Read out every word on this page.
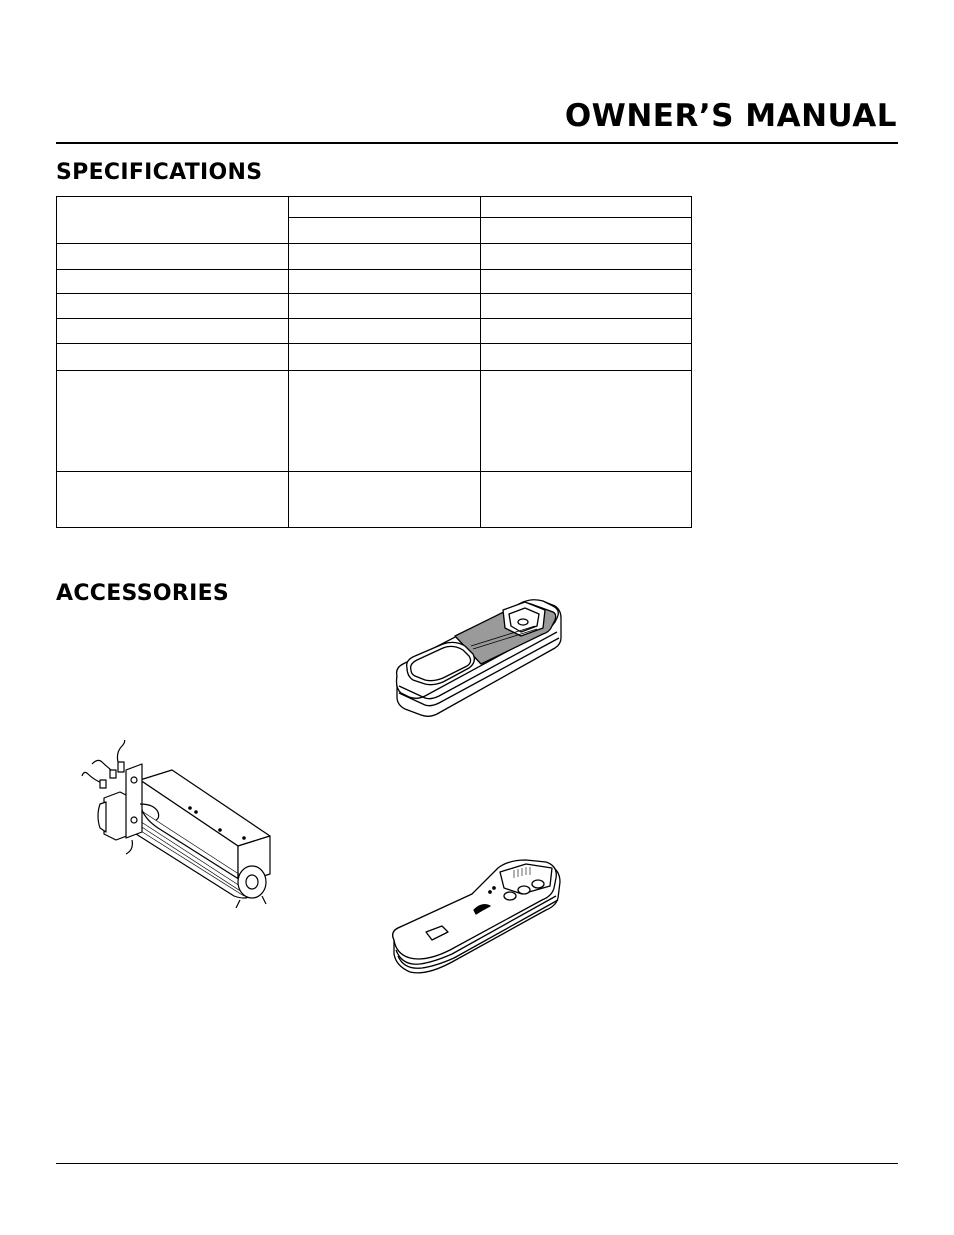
OWNER’S MANUAL
SPECIFICATIONS
ACCESSORIES
